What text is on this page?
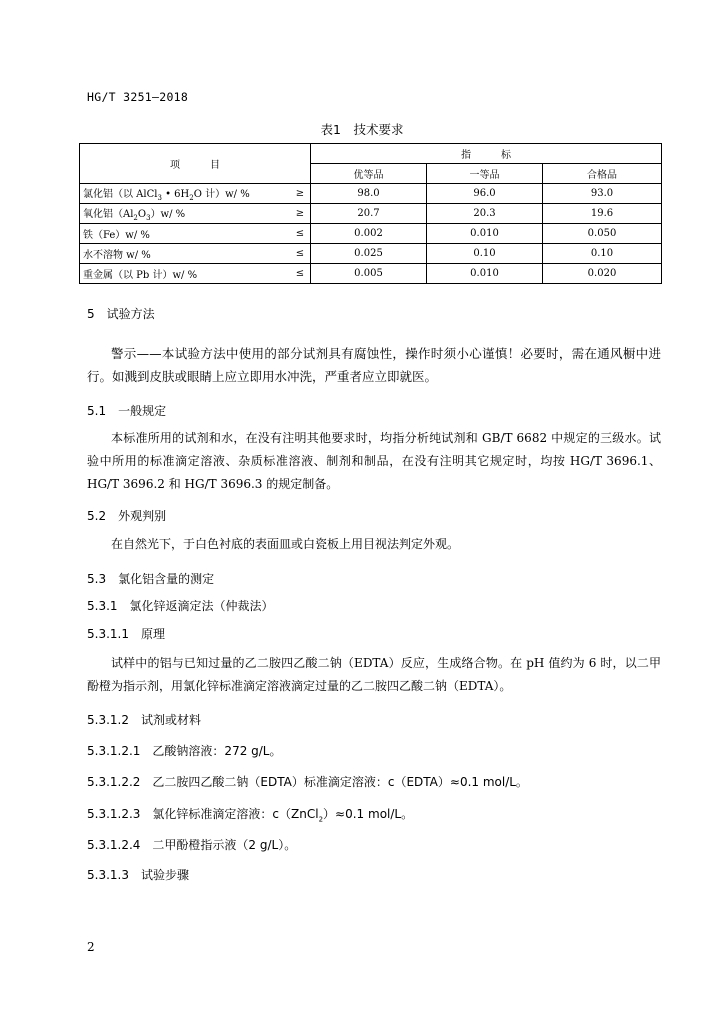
HG/T 3251—2018
表1　技术要求
项　　　目		指　　　标		
		优等品	一等品	合格品
氯化铝（以 AlCl$_3$ • $6H_2O$ 计）w/ %	≥	98.0	96.0	93.0
氧化铝$(Al_2O_3)w/$ %	≥	20.7	20.3	19.6
铁（Fe）w/ %	≤	0.002	0.010	0.050
水不溶物 w/ %	≤	0.025	0.10	0.10
重金属（以 Pb 计）w/ %	≤	0.005	0.010	0.020
5　试验方法
警示——本试验方法中使用的部分试剂具有腐蚀性，操作时须小心谨慎！必要时，需在通风橱中进行。如溅到皮肤或眼睛上应立即用水冲洗，严重者应立即就医。
5.1　一般规定
本标准所用的试剂和水，在没有注明其他要求时，均指分析纯试剂和 GB/T 6682 中规定的三级水。试验中所用的标准滴定溶液、杂质标准溶液、制剂和制品，在没有注明其它规定时，均按 HG/T 3696.1、HG/T 3696.2 和 HG/T 3696.3 的规定制备。
5.2　外观判别
在自然光下，于白色衬底的表面皿或白瓷板上用目视法判定外观。
5.3　氯化铝含量的测定
5.3.1　氯化锌返滴定法（仲裁法）
5.3.1.1　原理
试样中的铝与已知过量的乙二胺四乙酸二钠（EDTA）反应，生成络合物。在 pH 值约为 6 时，以二甲酚橙为指示剂，用氯化锌标准滴定溶液滴定过量的乙二胺四乙酸二钠（EDTA）。
5.3.1.2　试剂或材料
5.3.1.2.1　乙酸钠溶液：272 g/L。
5.3.1.2.2　乙二胺四乙酸二钠（EDTA）标准滴定溶液：c（EDTA）≈0.1 mol/L。
5.3.1.2.3　氯化锌标准滴定溶液：c（ZnCl$_2$）≈0.1 mol/L。
5.3.1.2.4　二甲酚橙指示液（2 g/L）。
5.3.1.3　试验步骤
2
